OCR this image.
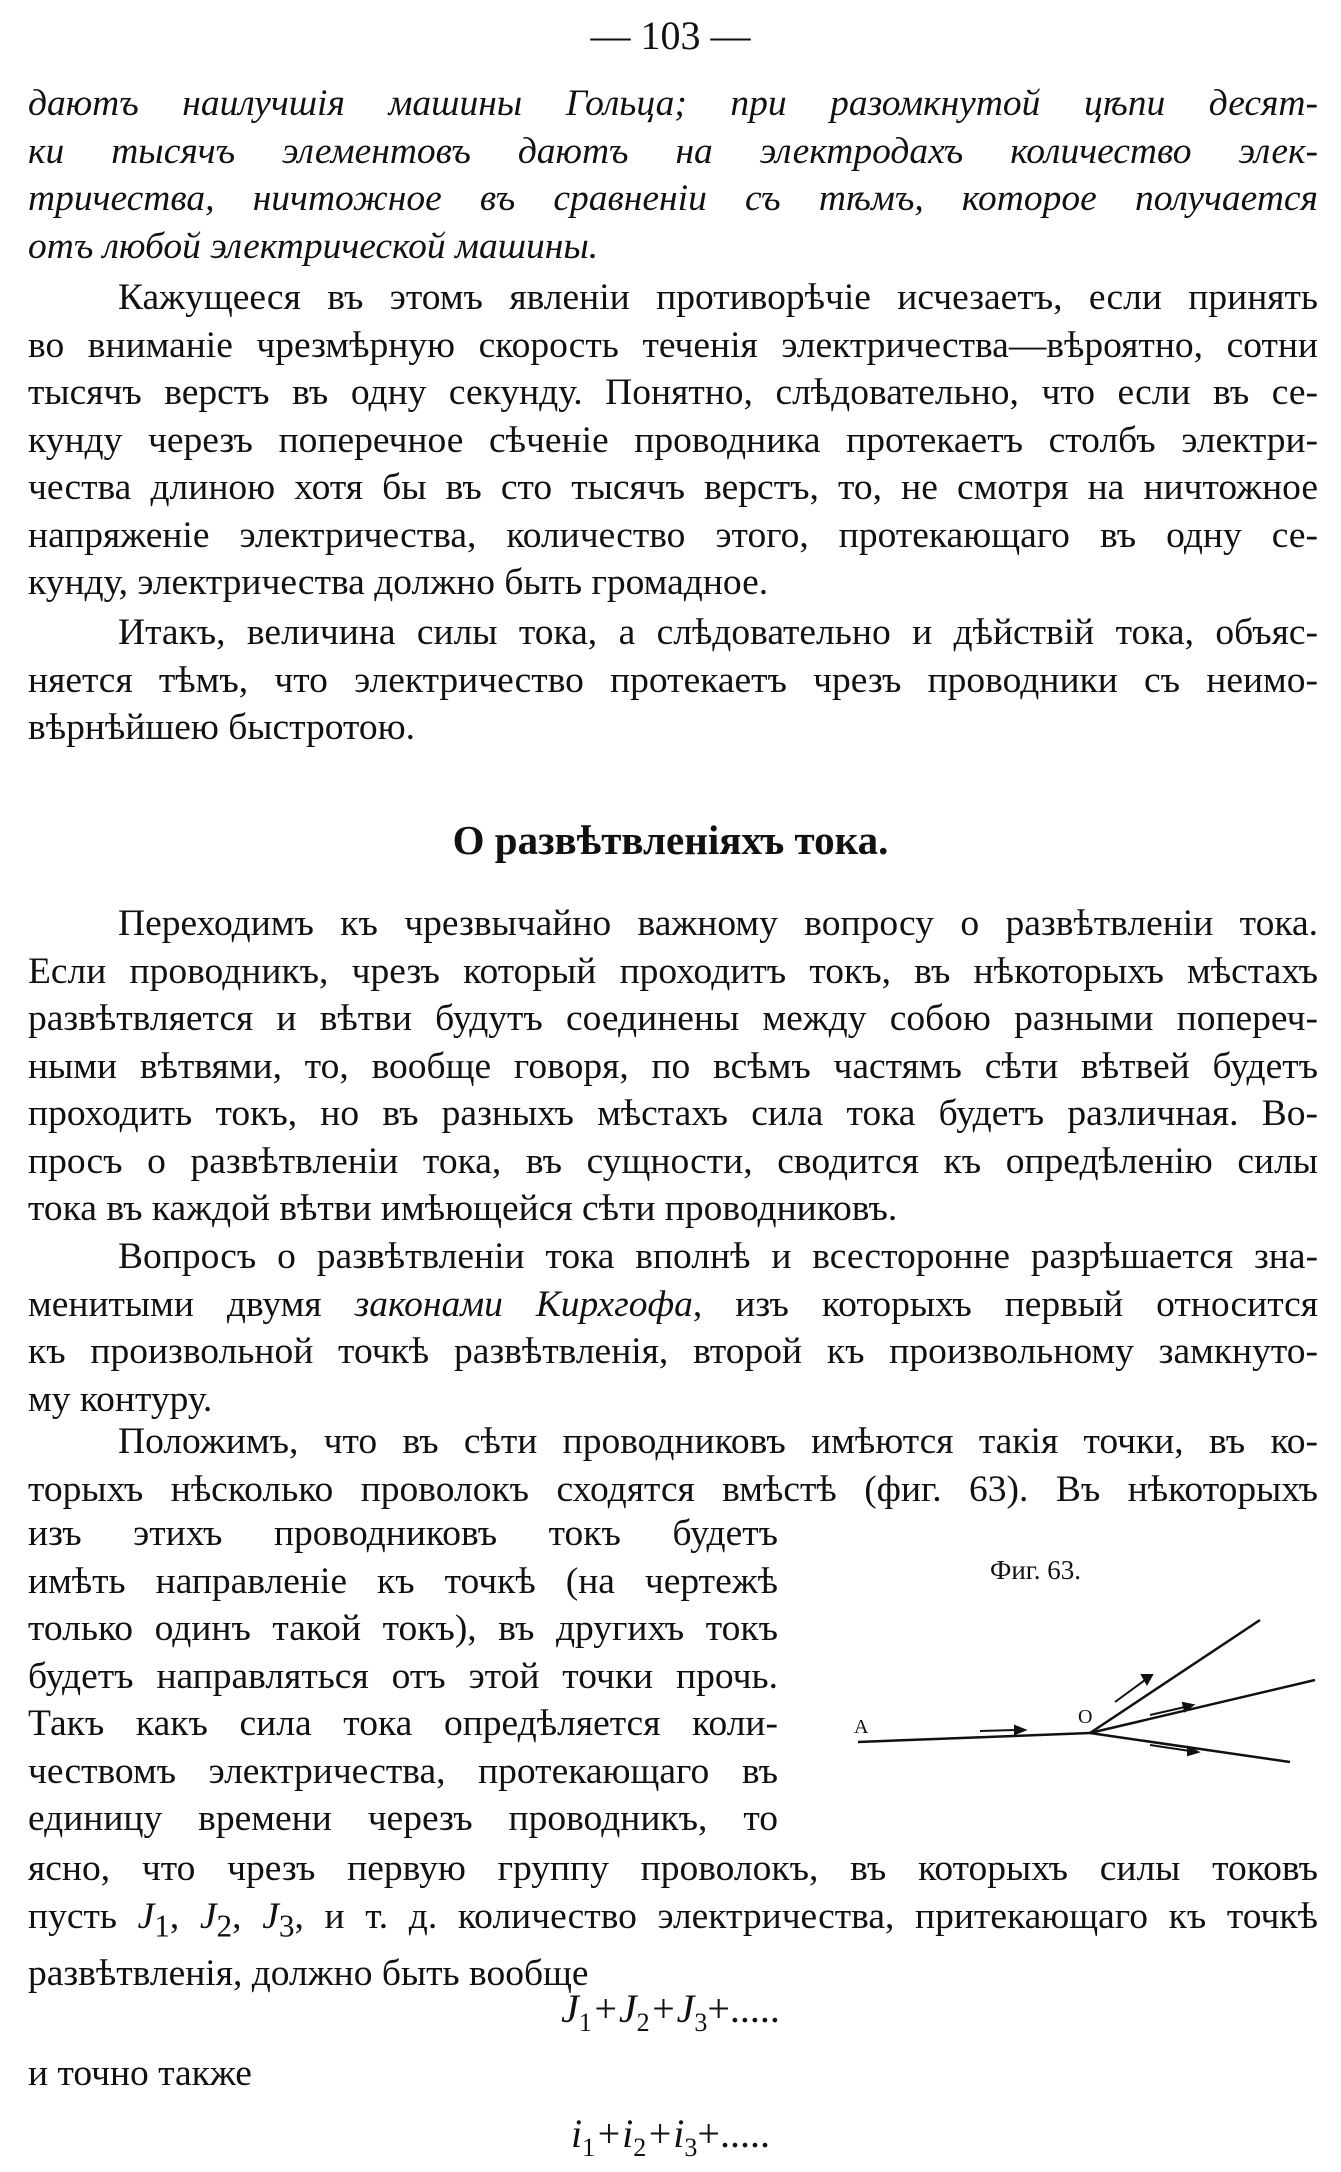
— 103 —
даютъ наилучшія машины Гольца; при разомкнутой цѣпи десят-
ки тысячъ элементовъ даютъ на электродахъ количество элек-
тричества, ничтожное въ сравненіи съ тѣмъ, которое получается
отъ любой электрической машины.
Кажущееся въ этомъ явленіи противорѣчіе исчезаетъ, если принять
во вниманіе чрезмѣрную скорость теченія электричества—вѣроятно, сотни
тысячъ верстъ въ одну секунду. Понятно, слѣдовательно, что если въ се-
кунду черезъ поперечное сѣченіе проводника протекаетъ столбъ электри-
чества длиною хотя бы въ сто тысячъ верстъ, то, не смотря на ничтожное
напряженіе электричества, количество этого, протекающаго въ одну се-
кунду, электричества должно быть громадное.
Итакъ, величина силы тока, а слѣдовательно и дѣйствій тока, объяс-
няется тѣмъ, что электричество протекаетъ чрезъ проводники съ неимо-
вѣрнѣйшею быстротою.
О развѣтвленіяхъ тока.
Переходимъ къ чрезвычайно важному вопросу о развѣтвленіи тока.
Если проводникъ, чрезъ который проходитъ токъ, въ нѣкоторыхъ мѣстахъ
развѣтвляется и вѣтви будутъ соединены между собою разными попереч-
ными вѣтвями, то, вообще говоря, по всѣмъ частямъ сѣти вѣтвей будетъ
проходить токъ, но въ разныхъ мѣстахъ сила тока будетъ различная. Во-
просъ о развѣтвленіи тока, въ сущности, сводится къ опредѣленію силы
тока въ каждой вѣтви имѣющейся сѣти проводниковъ.
Вопросъ о развѣтвленіи тока вполнѣ и всесторонне разрѣшается зна-
менитыми двумя законами Кирхгофа, изъ которыхъ первый относится
къ произвольной точкѣ развѣтвленія, второй къ произвольному замкнуто-
му контуру.
Положимъ, что въ сѣти проводниковъ имѣются такія точки, въ ко-
торыхъ нѣсколько проволокъ сходятся вмѣстѣ (фиг. 63). Въ нѣкоторыхъ
изъ этихъ проводниковъ токъ будетъ
имѣть направленіе къ точкѣ (на чертежѣ
только одинъ такой токъ), въ другихъ токъ
будетъ направляться отъ этой точки прочь.
Такъ какъ сила тока опредѣляется коли-
чествомъ электричества, протекающаго въ
единицу времени черезъ проводникъ, то
Фиг. 63.
A	O
ясно, что чрезъ первую группу проволокъ, въ которыхъ силы токовъ
пусть $J_1$, $J_2$, $J_3$, и т. д. количество электричества, притекающаго къ точкѣ
развѣтвленія, должно быть вообще
$J_1+J_2+J_3+$.....
и точно также
$i_1+i_2+i_3+$.....
